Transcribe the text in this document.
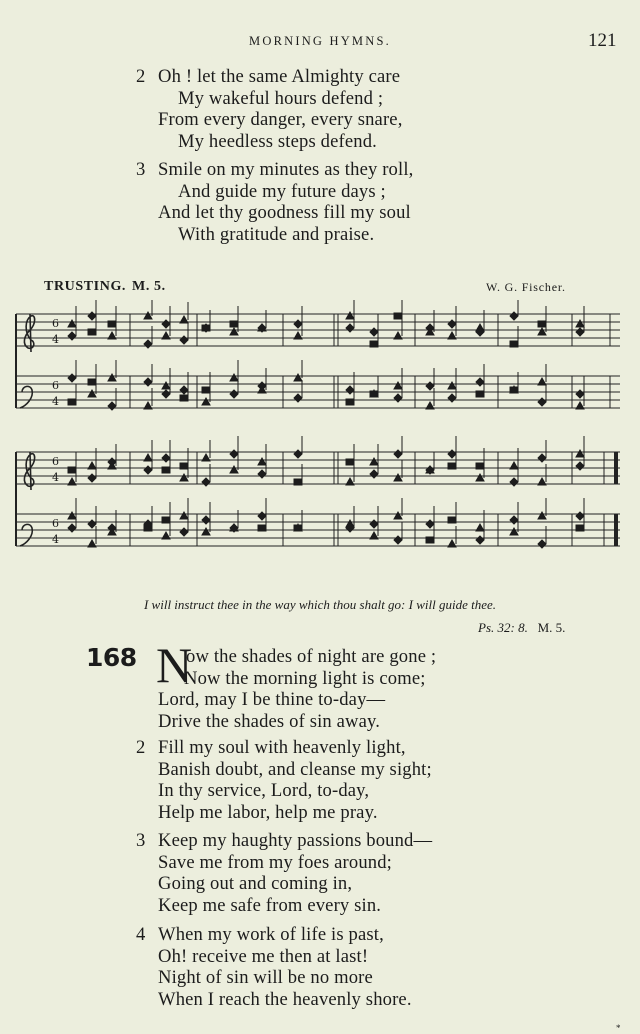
MORNING HYMNS.	121
2 Oh ! let the same Almighty care
My wakeful hours defend ;
From every danger, every snare,
My heedless steps defend.
3 Smile on my minutes as they roll,
And guide my future days ;
And let thy goodness fill my soul
With gratitude and praise.
TRUSTING. M. 5.	W. G. Fischer.
6
4
6
4
6
4
6
4
I will instruct thee in the way which thou shalt go: I will guide thee.
Ps. 32: 8. M. 5.
168 N
ow the shades of night are gone ;
Now the morning light is come;
Lord, may I be thine to-day—
Drive the shades of sin away.
2 Fill my soul with heavenly light,
Banish doubt, and cleanse my sight;
In thy service, Lord, to-day,
Help me labor, help me pray.
3 Keep my haughty passions bound—
Save me from my foes around;
Going out and coming in,
Keep me safe from every sin.
4 When my work of life is past,
Oh! receive me then at last!
Night of sin will be no more
When I reach the heavenly shore.
*
